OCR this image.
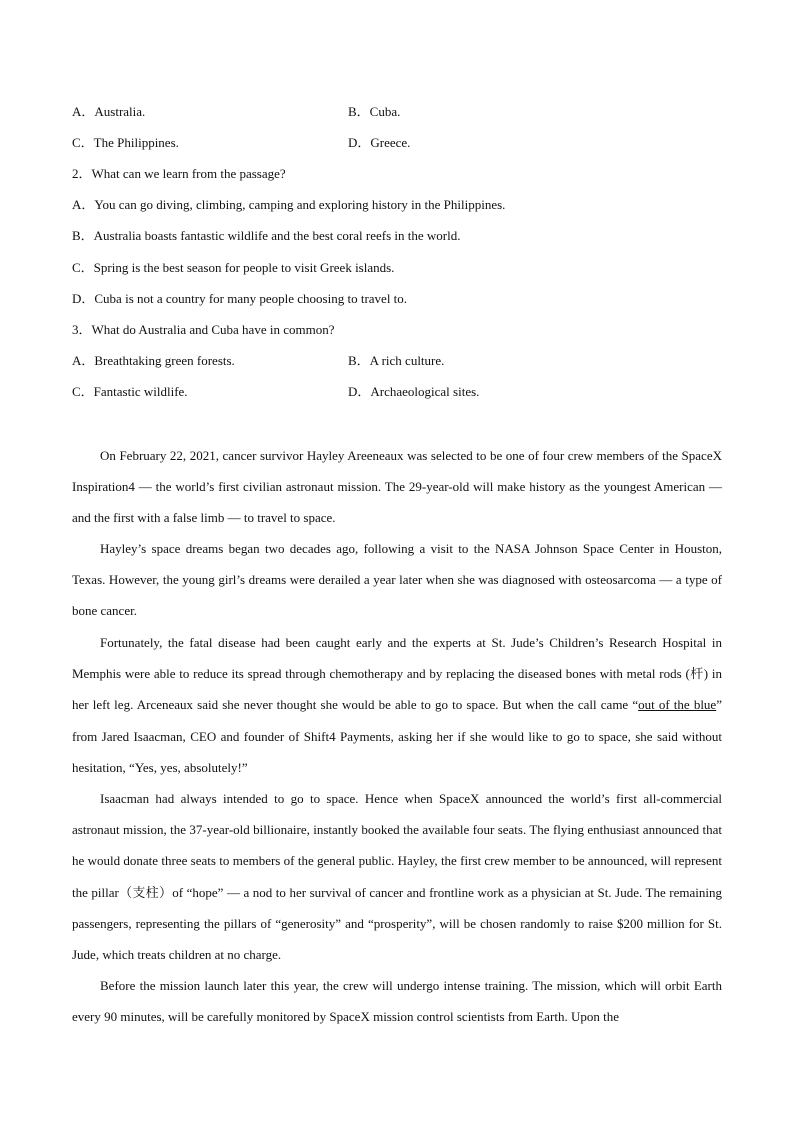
A．Australia.	B．Cuba.
C．The Philippines.	D．Greece.
2．What can we learn from the passage?
A．You can go diving, climbing, camping and exploring history in the Philippines.
B．Australia boasts fantastic wildlife and the best coral reefs in the world.
C．Spring is the best season for people to visit Greek islands.
D．Cuba is not a country for many people choosing to travel to.
3．What do Australia and Cuba have in common?
A．Breathtaking green forests.	B．A rich culture.
C．Fantastic wildlife.	D．Archaeological sites.

On February 22, 2021, cancer survivor Hayley Areeneaux was selected to be one of four crew members of the SpaceX Inspiration4 — the world’s first civilian astronaut mission. The 29-year-old will make history as the youngest American — and the first with a false limb — to travel to space.

Hayley’s space dreams began two decades ago, following a visit to the NASA Johnson Space Center in Houston, Texas. However, the young girl’s dreams were derailed a year later when she was diagnosed with osteosarcoma — a type of bone cancer.

Fortunately, the fatal disease had been caught early and the experts at St. Jude’s Children’s Research Hospital in Memphis were able to reduce its spread through chemotherapy and by replacing the diseased bones with metal rods (杆) in her left leg. Arceneaux said she never thought she would be able to go to space. But when the call came “out of the blue” from Jared Isaacman, CEO and founder of Shift4 Payments, asking her if she would like to go to space, she said without hesitation, “Yes, yes, absolutely!”

Isaacman had always intended to go to space. Hence when SpaceX announced the world’s first all-commercial astronaut mission, the 37-year-old billionaire, instantly booked the available four seats. The flying enthusiast announced that he would donate three seats to members of the general public. Hayley, the first crew member to be announced, will represent the pillar（支柱）of “hope” — a nod to her survival of cancer and frontline work as a physician at St. Jude. The remaining passengers, representing the pillars of “generosity” and “prosperity”, will be chosen randomly to raise $200 million for St. Jude, which treats children at no charge.

Before the mission launch later this year, the crew will undergo intense training. The mission, which will orbit Earth every 90 minutes, will be carefully monitored by SpaceX mission control scientists from Earth. Upon the
